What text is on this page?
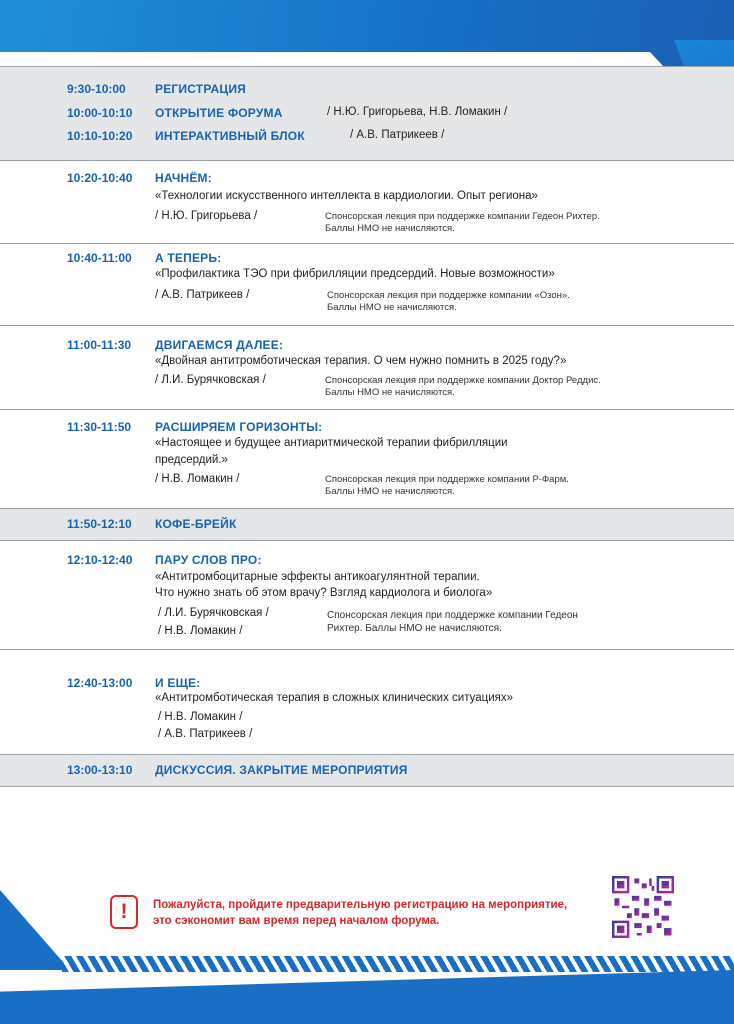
9:30-10:00 РЕГИСТРАЦИЯ
10:00-10:10 ОТКРЫТИЕ ФОРУМА	/ Н.Ю. Григорьева, Н.В. Ломакин /
10:10-10:20 ИНТЕРАКТИВНЫЙ БЛОК	/ А.В. Патрикеев /
10:20-10:40 НАЧНЁМ:
«Технологии искусственного интеллекта в кардиологии. Опыт региона»
/ Н.Ю. Григорьева /	Спонсорская лекция при поддержке компании Гедеон Рихтер.
Баллы НМО не начисляются.
10:40-11:00 А ТЕПЕРЬ:
«Профилактика ТЭО при фибрилляции предсердий. Новые возможности»
/ А.В. Патрикеев /	Спонсорская лекция при поддержке компании «Озон».
Баллы НМО не начисляются.
11:00-11:30 ДВИГАЕМСЯ ДАЛЕЕ:
«Двойная антитромботическая терапия. О чем нужно помнить в 2025 году?»
/ Л.И. Бурячковская /	Спонсорская лекция при поддержке компании Доктор Реддис.
Баллы НМО не начисляются.
11:30-11:50 РАСШИРЯЕМ ГОРИЗОНТЫ:
«Настоящее и будущее антиаритмической терапии фибрилляции
предсердий.»
/ Н.В. Ломакин /	Спонсорская лекция при поддержке компании Р-Фарм.
Баллы НМО не начисляются.
11:50-12:10 КОФЕ-БРЕЙК
12:10-12:40 ПАРУ СЛОВ ПРО:
«Антитромбоцитарные эффекты антикоагулянтной терапии.
Что нужно знать об этом врачу? Взгляд кардиолога и биолога»
/ Л.И. Бурячковская /
/ Н.В. Ломакин /
Спонсорская лекция при поддержке компании Гедеон
Рихтер. Баллы НМО не начисляются.
12:40-13:00 И ЕЩЕ:
«Антитромботическая терапия в сложных клинических ситуациях»
/ Н.В. Ломакин /
/ А.В. Патрикеев /
13:00-13:10 ДИСКУССИЯ. ЗАКРЫТИЕ МЕРОПРИЯТИЯ
!	Пожалуйста, пройдите предварительную регистрацию на мероприятие,
это сэкономит вам время перед началом форума.
